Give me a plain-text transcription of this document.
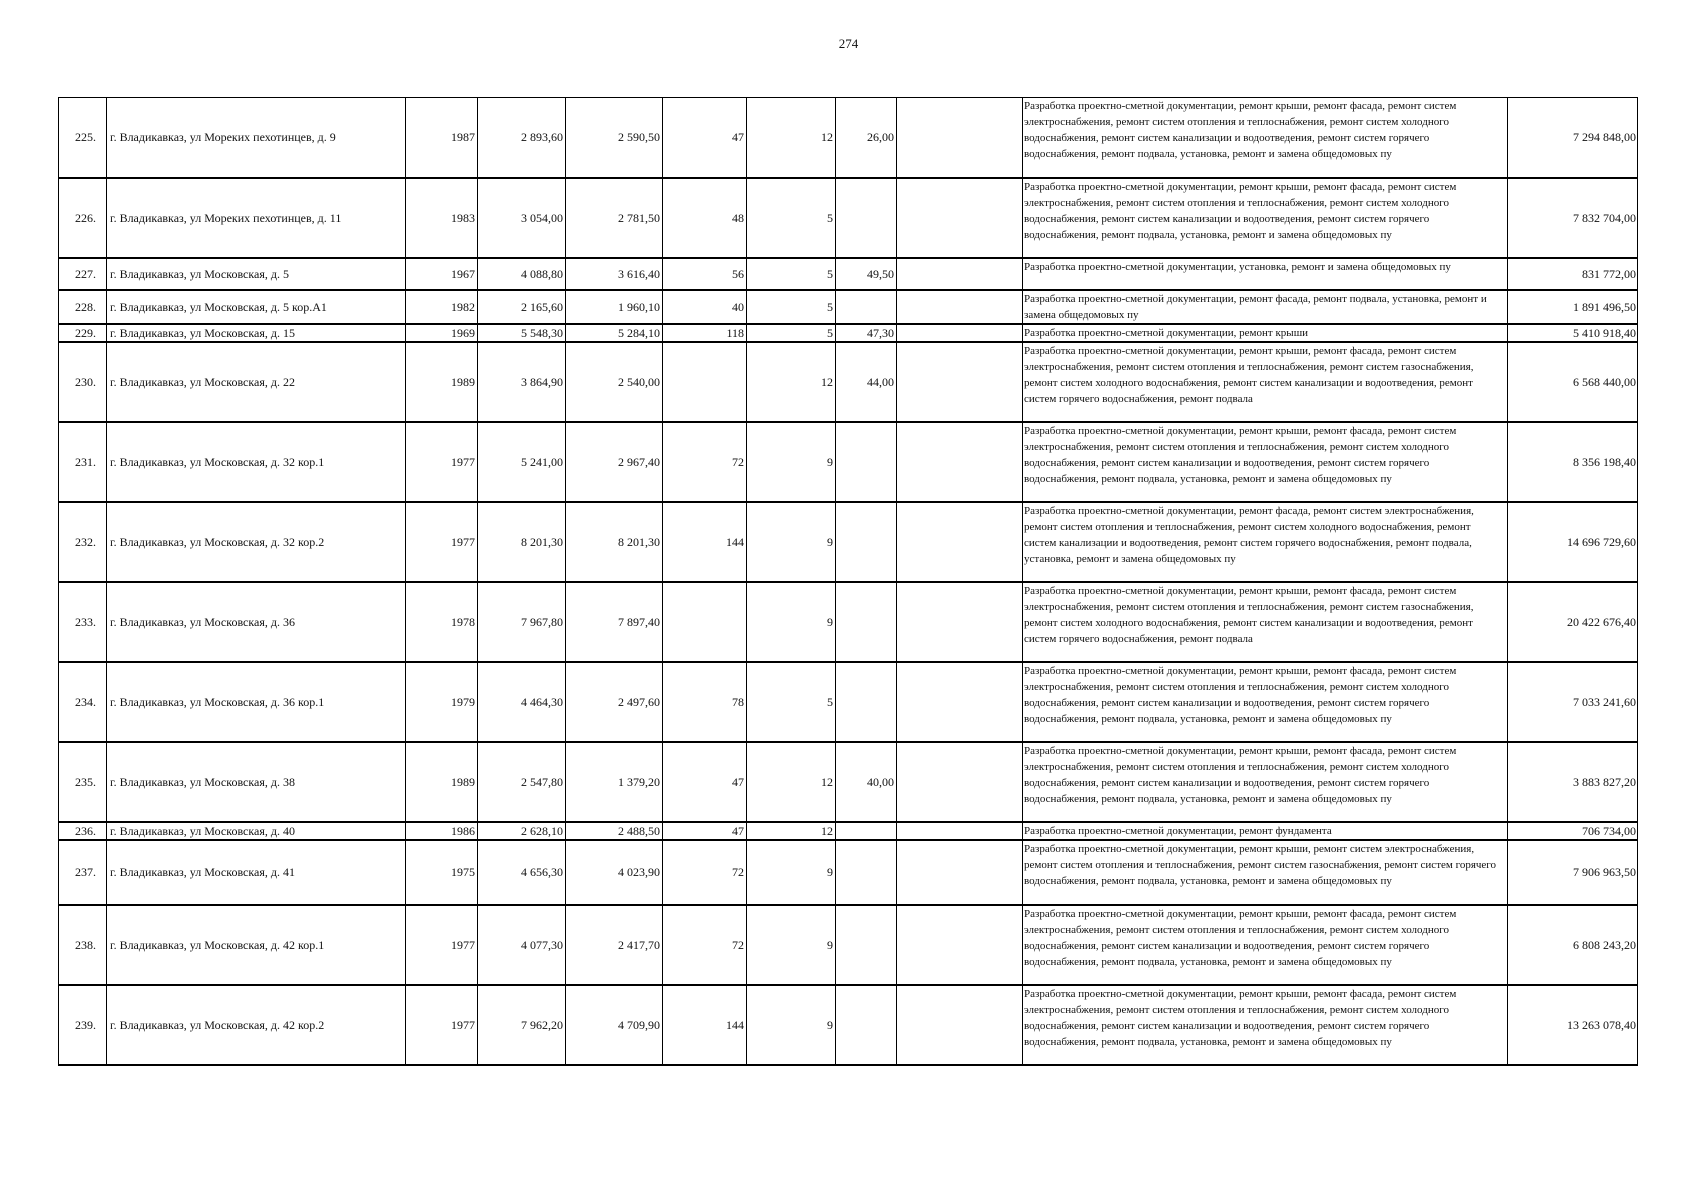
274
225.	г. Владикавказ, ул Мореких пехотинцев, д. 9	1987	2 893,60	2 590,50	47	12	26,00		Разработка проектно-сметной документации, ремонт крыши, ремонт фасада, ремонт систем электроснабжения, ремонт систем отопления и теплоснабжения, ремонт систем холодного водоснабжения, ремонт систем канализации и водоотведения, ремонт систем горячего водоснабжения, ремонт подвала, установка, ремонт и замена общедомовых пу	7 294 848,00
226.	г. Владикавказ, ул Мореких пехотинцев, д. 11	1983	3 054,00	2 781,50	48	5			Разработка проектно-сметной документации, ремонт крыши, ремонт фасада, ремонт систем электроснабжения, ремонт систем отопления и теплоснабжения, ремонт систем холодного водоснабжения, ремонт систем канализации и водоотведения, ремонт систем горячего водоснабжения, ремонт подвала, установка, ремонт и замена общедомовых пу	7 832 704,00
227.	г. Владикавказ, ул Московская, д. 5	1967	4 088,80	3 616,40	56	5	49,50		Разработка проектно-сметной документации, установка, ремонт и замена общедомовых пу	831 772,00
228.	г. Владикавказ, ул Московская, д. 5 кор.А1	1982	2 165,60	1 960,10	40	5			Разработка проектно-сметной документации, ремонт фасада, ремонт подвала, установка, ремонт и замена общедомовых пу	1 891 496,50
229.	г. Владикавказ, ул Московская, д. 15	1969	5 548,30	5 284,10	118	5	47,30		Разработка проектно-сметной документации, ремонт крыши	5 410 918,40
230.	г. Владикавказ, ул Московская, д. 22	1989	3 864,90	2 540,00		12	44,00		Разработка проектно-сметной документации, ремонт крыши, ремонт фасада, ремонт систем электроснабжения, ремонт систем отопления и теплоснабжения, ремонт систем газоснабжения, ремонт систем холодного водоснабжения, ремонт систем канализации и водоотведения, ремонт систем горячего водоснабжения, ремонт подвала	6 568 440,00
231.	г. Владикавказ, ул Московская, д. 32 кор.1	1977	5 241,00	2 967,40	72	9			Разработка проектно-сметной документации, ремонт крыши, ремонт фасада, ремонт систем электроснабжения, ремонт систем отопления и теплоснабжения, ремонт систем холодного водоснабжения, ремонт систем канализации и водоотведения, ремонт систем горячего водоснабжения, ремонт подвала, установка, ремонт и замена общедомовых пу	8 356 198,40
232.	г. Владикавказ, ул Московская, д. 32 кор.2	1977	8 201,30	8 201,30	144	9			Разработка проектно-сметной документации, ремонт фасада, ремонт систем электроснабжения, ремонт систем отопления и теплоснабжения, ремонт систем холодного водоснабжения, ремонт систем канализации и водоотведения, ремонт систем горячего водоснабжения, ремонт подвала, установка, ремонт и замена общедомовых пу	14 696 729,60
233.	г. Владикавказ, ул Московская, д. 36	1978	7 967,80	7 897,40		9			Разработка проектно-сметной документации, ремонт крыши, ремонт фасада, ремонт систем электроснабжения, ремонт систем отопления и теплоснабжения, ремонт систем газоснабжения, ремонт систем холодного водоснабжения, ремонт систем канализации и водоотведения, ремонт систем горячего водоснабжения, ремонт подвала	20 422 676,40
234.	г. Владикавказ, ул Московская, д. 36 кор.1	1979	4 464,30	2 497,60	78	5			Разработка проектно-сметной документации, ремонт крыши, ремонт фасада, ремонт систем электроснабжения, ремонт систем отопления и теплоснабжения, ремонт систем холодного водоснабжения, ремонт систем канализации и водоотведения, ремонт систем горячего водоснабжения, ремонт подвала, установка, ремонт и замена общедомовых пу	7 033 241,60
235.	г. Владикавказ, ул Московская, д. 38	1989	2 547,80	1 379,20	47	12	40,00		Разработка проектно-сметной документации, ремонт крыши, ремонт фасада, ремонт систем электроснабжения, ремонт систем отопления и теплоснабжения, ремонт систем холодного водоснабжения, ремонт систем канализации и водоотведения, ремонт систем горячего водоснабжения, ремонт подвала, установка, ремонт и замена общедомовых пу	3 883 827,20
236.	г. Владикавказ, ул Московская, д. 40	1986	2 628,10	2 488,50	47	12			Разработка проектно-сметной документации, ремонт фундамента	706 734,00
237.	г. Владикавказ, ул Московская, д. 41	1975	4 656,30	4 023,90	72	9			Разработка проектно-сметной документации, ремонт крыши, ремонт систем электроснабжения, ремонт систем отопления и теплоснабжения, ремонт систем газоснабжения, ремонт систем горячего водоснабжения, ремонт подвала, установка, ремонт и замена общедомовых пу	7 906 963,50
238.	г. Владикавказ, ул Московская, д. 42 кор.1	1977	4 077,30	2 417,70	72	9			Разработка проектно-сметной документации, ремонт крыши, ремонт фасада, ремонт систем электроснабжения, ремонт систем отопления и теплоснабжения, ремонт систем холодного водоснабжения, ремонт систем канализации и водоотведения, ремонт систем горячего водоснабжения, ремонт подвала, установка, ремонт и замена общедомовых пу	6 808 243,20
239.	г. Владикавказ, ул Московская, д. 42 кор.2	1977	7 962,20	4 709,90	144	9			Разработка проектно-сметной документации, ремонт крыши, ремонт фасада, ремонт систем электроснабжения, ремонт систем отопления и теплоснабжения, ремонт систем холодного водоснабжения, ремонт систем канализации и водоотведения, ремонт систем горячего водоснабжения, ремонт подвала, установка, ремонт и замена общедомовых пу	13 263 078,40
